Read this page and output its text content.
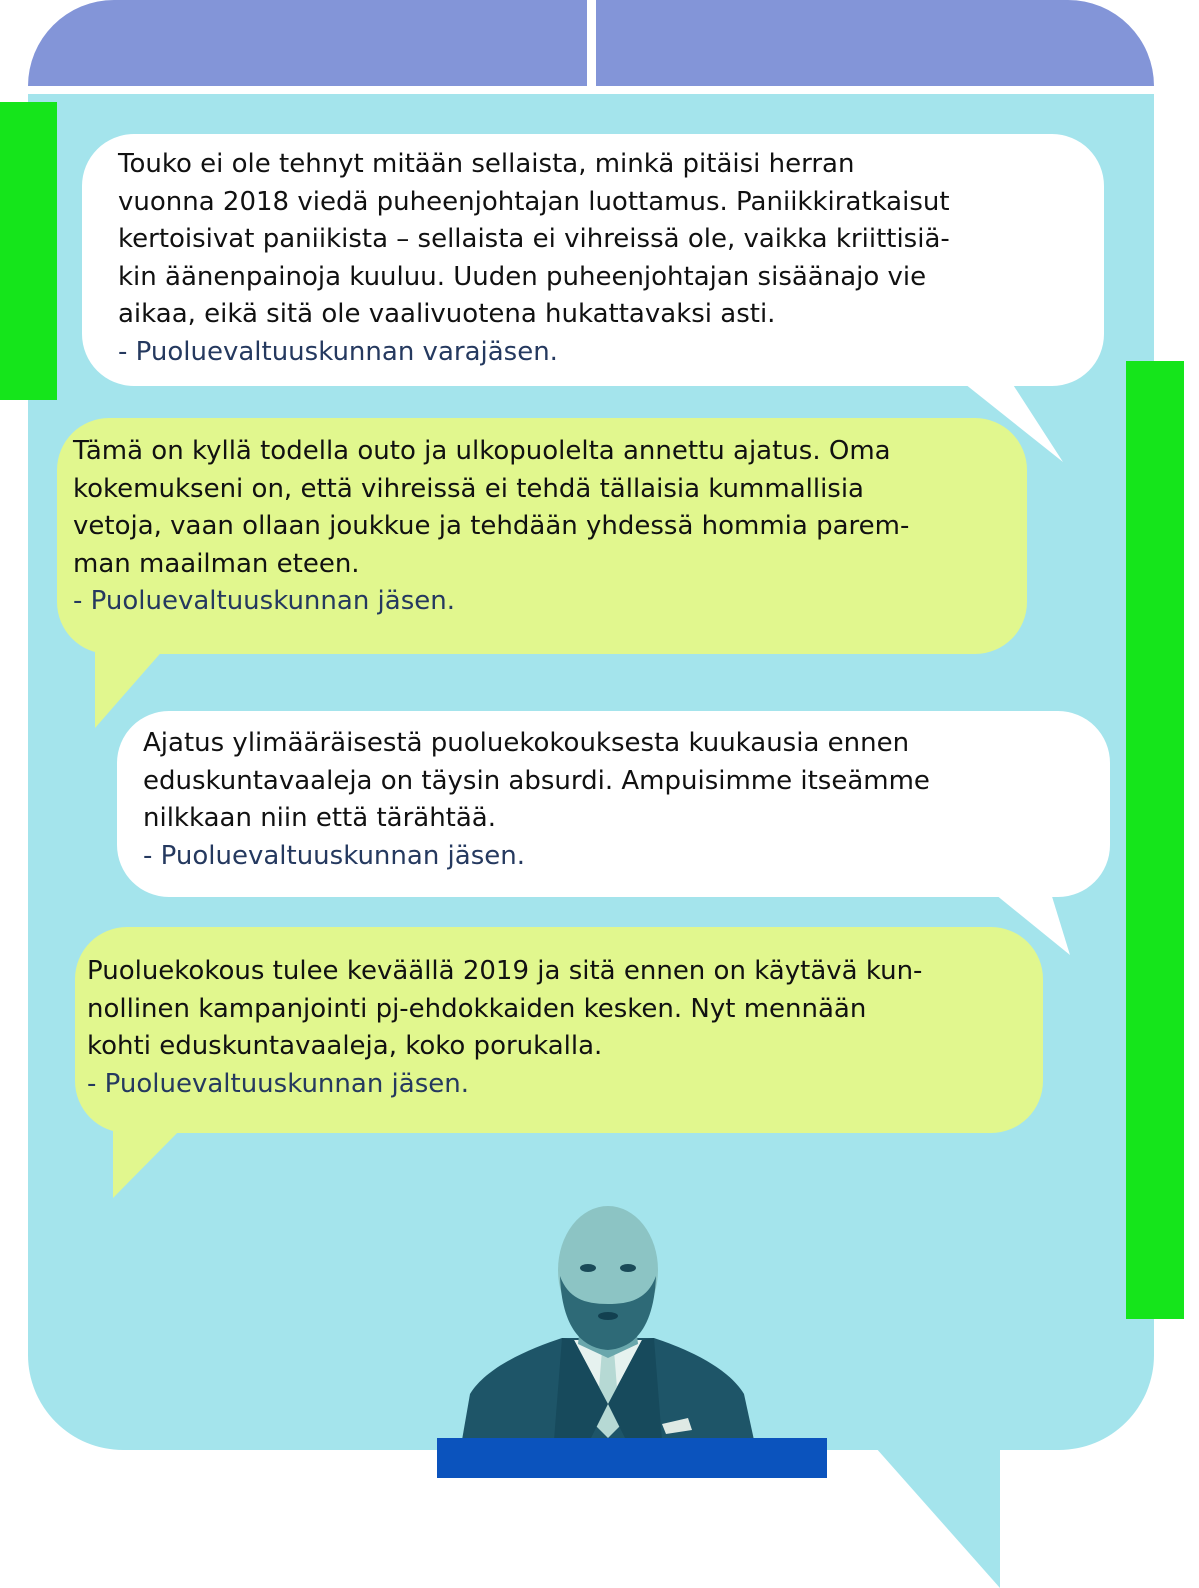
Touko ei ole tehnyt mitään sellaista, minkä pitäisi herran

vuonna 2018 viedä puheenjohtajan luottamus. Paniikkiratkaisut

kertoisivat paniikista – sellaista ei vihreissä ole, vaikka kriittisiä-

kin äänenpainoja kuuluu. Uuden puheenjohtajan sisäänajo vie

aikaa, eikä sitä ole vaalivuotena hukattavaksi asti.

- Puoluevaltuuskunnan varajäsen.

Tämä on kyllä todella outo ja ulkopuolelta annettu ajatus. Oma

kokemukseni on, että vihreissä ei tehdä tällaisia kummallisia

vetoja, vaan ollaan joukkue ja tehdään yhdessä hommia parem-

man maailman eteen.

- Puoluevaltuuskunnan jäsen.

Ajatus ylimääräisestä puoluekokouksesta kuukausia ennen

eduskuntavaaleja on täysin absurdi. Ampuisimme itseämme

nilkkaan niin että tärähtää.

- Puoluevaltuuskunnan jäsen.

Puoluekokous tulee keväällä 2019 ja sitä ennen on käytävä kun-

nollinen kampanjointi pj-ehdokkaiden kesken. Nyt mennään

kohti eduskuntavaaleja, koko porukalla.

- Puoluevaltuuskunnan jäsen.
